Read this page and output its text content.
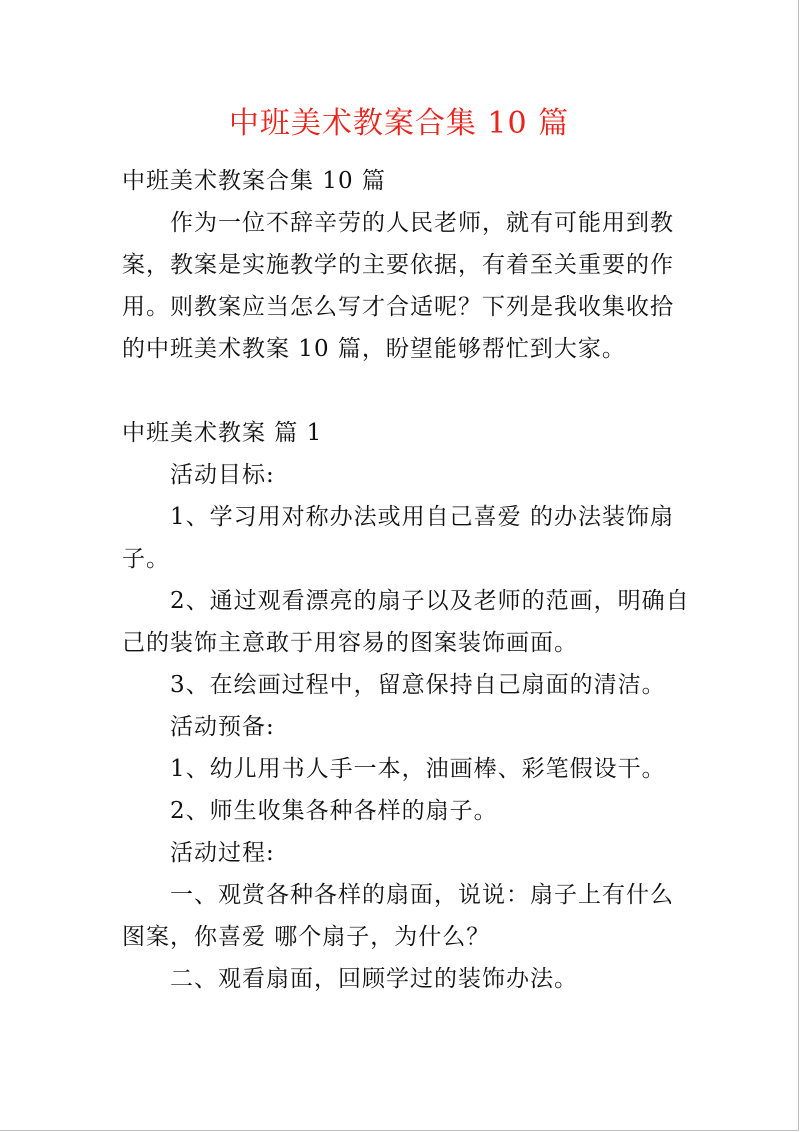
中班美术教案合集 10 篇

中班美术教案合集 10 篇

作为一位不辞辛劳的人民老师，就有可能用到教案，教案是实施教学的主要依据，有着至关重要的作用。则教案应当怎么写才合适呢？下列是我收集收拾的中班美术教案 10 篇，盼望能够帮忙到大家。

中班美术教案 篇 1

活动目标:

1、学习用对称办法或用自己喜爱 的办法装饰扇子。

2、通过观看漂亮的扇子以及老师的范画，明确自己的装饰主意敢于用容易的图案装饰画面。

3、在绘画过程中，留意保持自己扇面的清洁。

活动预备:

1、幼儿用书人手一本，油画棒、彩笔假设干。

2、师生收集各种各样的扇子。

活动过程:

一、观赏各种各样的扇面，说说：扇子上有什么图案，你喜爱 哪个扇子，为什么？

二、观看扇面，回顾学过的装饰办法。
